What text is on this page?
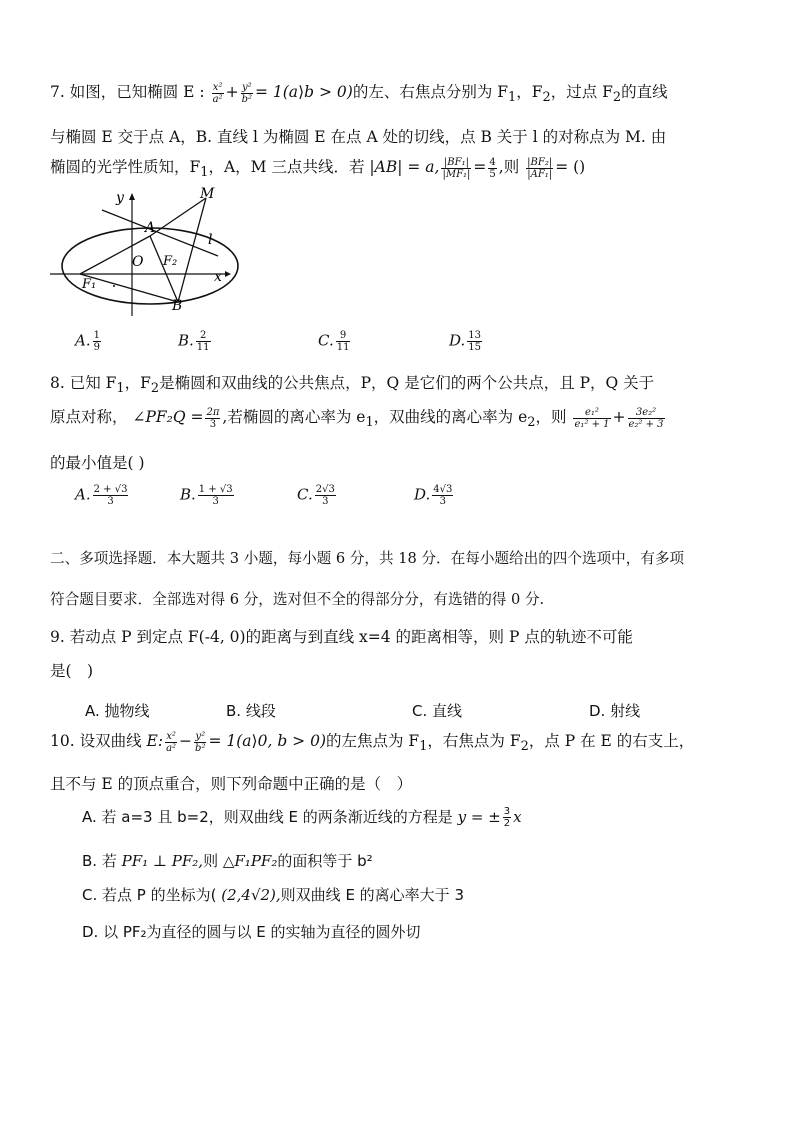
7. 如图，已知椭圆 E : $\frac{\text{x²}}{\text{a²}} + \frac{\text{y²}}{\text{b²}}$ = 1(a⟩b > 0)的左、右焦点分别为 $F_1$，$F_2$，过点 $F_2$的直线
与椭圆 E 交于点 A，B. 直线 l 为椭圆 E 在点 A 处的切线，点 B 关于 l 的对称点为 M. 由
椭圆的光学性质知，$F_1$，A，M 三点共线．若 |AB| = a, $\frac{\text{|BF₁|}}{\text{|MF₁|}} = \frac{4}{5}$ ,则 $\frac{\text{|BF₂|}}{\text{|AF₁|}}$ = ()
y
x
M
A
l
O F₂
F₁
B
A. $\frac{1}{9}$	B. $\frac{2}{11}$	C. $\frac{9}{11}$	D. $\frac{13}{15}$
8. 已知 $F_1$，$F_2$是椭圆和双曲线的公共焦点，P，Q 是它们的两个公共点，且 P，Q 关于
原点对称， ∠PF₂Q = $\frac{2\pi}{3}$ ,若椭圆的离心率为 $e_1$，双曲线的离心率为 $e_2$，则 $\frac{\text{e₁²}}{\text{e₁² + 1}} + \frac{\text{3e₂²}}{\text{e₂² + 3}}$
的最小值是( )
A. $\frac{2 + √3}{3}$	B. $\frac{1 + √3}{3}$	C. $\frac{2√3}{3}$	D. $\frac{4√3}{3}$
二、多项选择题．本大题共 3 小题，每小题 6 分，共 18 分．在每小题给出的四个选项中，有多项
符合题目要求．全部选对得 6 分，选对但不全的得部分分，有选错的得 0 分.
9. 若动点 P 到定点 F(-4, 0)的距离与到直线 x=4 的距离相等，则 P 点的轨迹不可能
是(　)
A. 抛物线	B. 线段	C. 直线	D. 射线
10. 设双曲线 E: $\frac{\text{x²}}{\text{a²}} - \frac{\text{y²}}{\text{b²}}$ = 1(a⟩0, b > 0)的左焦点为 $F_1$，右焦点为 $F_2$，点 P 在 E 的右支上，
且不与 E 的顶点重合，则下列命题中正确的是（　）
A. 若 a=3 且 b=2，则双曲线 E 的两条渐近线的方程是 y = ± $\frac{3}{2}$ x
B. 若 PF₁ ⊥ PF₂,则 △F₁PF₂的面积等于 b²
C. 若点 P 的坐标为( (2,4√2),则双曲线 E 的离心率大于 3
D. 以 PF₂为直径的圆与以 E 的实轴为直径的圆外切
